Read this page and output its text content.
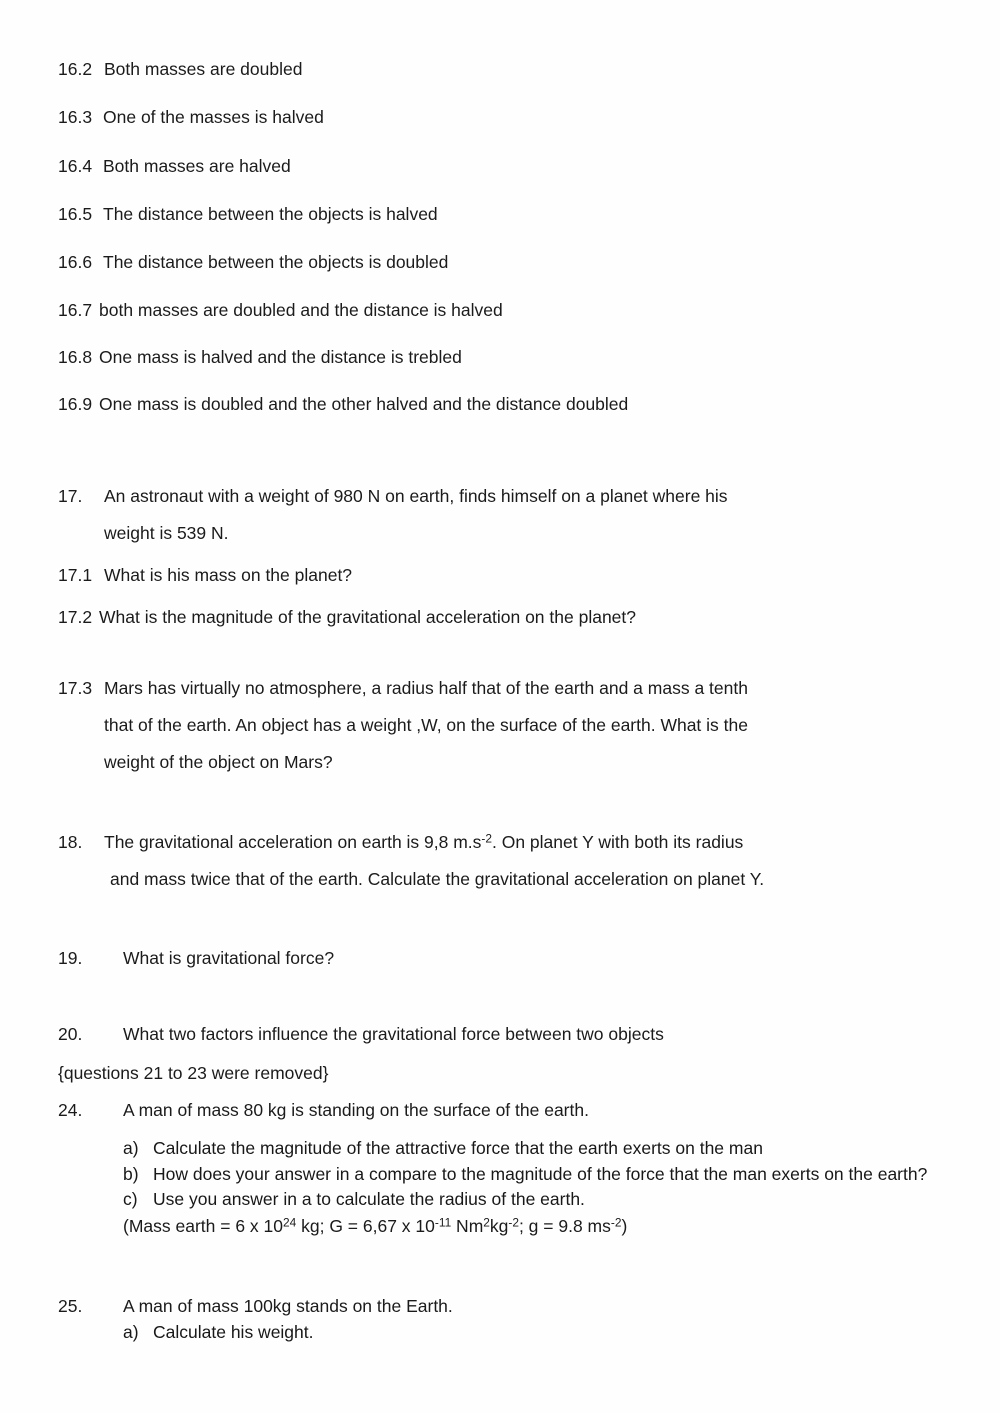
16.2 Both masses are doubled

16.3 One of the masses is halved

16.4 Both masses are halved

16.5 The distance between the objects is halved

16.6 The distance between the objects is doubled

16.7 both masses are doubled and the distance is halved

16.8 One mass is halved and the distance is trebled

16.9 One mass is doubled and the other halved and the distance doubled

17.	An astronaut with a weight of 980 N on earth, finds himself on a planet where his

weight is 539 N.

17.1 What is his mass on the planet?

17.2 What is the magnitude of the gravitational acceleration on the planet?

17.3 Mars has virtually no atmosphere, a radius half that of the earth and a mass a tenth

that of the earth. An object has a weight ,W, on the surface of the earth. What is the

weight of the object on Mars?

18.	The gravitational acceleration on earth is 9,8 $m.s^{-2}$. On planet Y with both its radius

and mass twice that of the earth. Calculate the gravitational acceleration on planet Y.

19.	What is gravitational force?

20.	What two factors influence the gravitational force between two objects

{questions 21 to 23 were removed}
24.	A man of mass 80 kg is standing on the surface of the earth.

a) Calculate the magnitude of the attractive force that the earth exerts on the man
b) How does your answer in a compare to the magnitude of the force that the man exerts on the earth?
c) Use you answer in a to calculate the radius of the earth.
(Mass earth = 6 x $10^{24}$ kg; G = 6,67 x $10^{-11}$ $Nm^2kg^{-2}$; g = 9.8 $ms^{-2}$)
25.	A man of mass 100kg stands on the Earth.

a) Calculate his weight.
